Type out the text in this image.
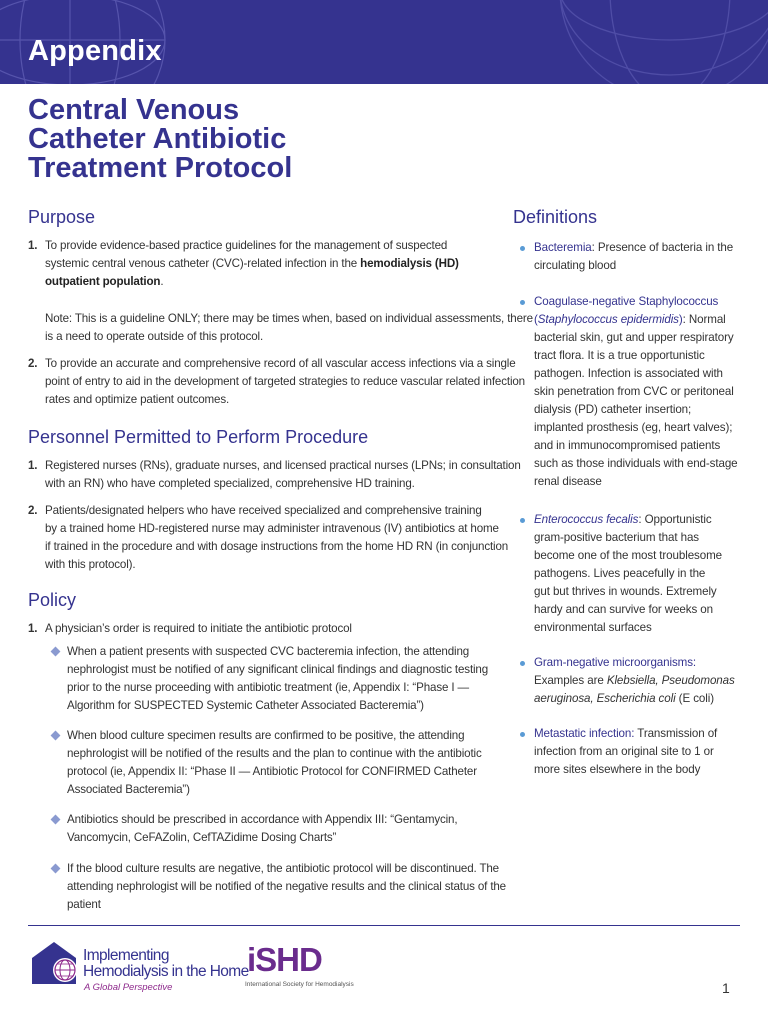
Appendix
Central Venous
Catheter Antibiotic
Treatment Protocol
Purpose
1. To provide evidence-based practice guidelines for the management of suspected
systemic central venous catheter (CVC)-related infection in the hemodialysis (HD)
outpatient population.
Note: This is a guideline ONLY; there may be times when, based on individual assessments, there
is a need to operate outside of this protocol.
2. To provide an accurate and comprehensive record of all vascular access infections via a single
point of entry to aid in the development of targeted strategies to reduce vascular related infection
rates and optimize patient outcomes.
Personnel Permitted to Perform Procedure
1. Registered nurses (RNs), graduate nurses, and licensed practical nurses (LPNs; in consultation
with an RN) who have completed specialized, comprehensive HD training.
2. Patients/designated helpers who have received specialized and comprehensive training
by a trained home HD-registered nurse may administer intravenous (IV) antibiotics at home
if trained in the procedure and with dosage instructions from the home HD RN (in conjunction
with this protocol).
Policy
1. A physician’s order is required to initiate the antibiotic protocol
When a patient presents with suspected CVC bacteremia infection, the attending
nephrologist must be notified of any significant clinical findings and diagnostic testing
prior to the nurse proceeding with antibiotic treatment (ie, Appendix I: “Phase I —
Algorithm for SUSPECTED Systemic Catheter Associated Bacteremia”)
When blood culture specimen results are confirmed to be positive, the attending
nephrologist will be notified of the results and the plan to continue with the antibiotic
protocol (ie, Appendix II: “Phase II — Antibiotic Protocol for CONFIRMED Catheter
Associated Bacteremia”)
Antibiotics should be prescribed in accordance with Appendix III: “Gentamycin,
Vancomycin, CeFAZolin, CefTAZidime Dosing Charts”
If the blood culture results are negative, the antibiotic protocol will be discontinued. The
attending nephrologist will be notified of the negative results and the clinical status of the
patient
Definitions
Bacteremia: Presence of bacteria in the
circulating blood
Coagulase-negative Staphylococcus
(Staphylococcus epidermidis): Normal
bacterial skin, gut and upper respiratory
tract flora. It is a true opportunistic
pathogen. Infection is associated with
skin penetration from CVC or peritoneal
dialysis (PD) catheter insertion;
implanted prosthesis (eg, heart valves);
and in immunocompromised patients
such as those individuals with end-stage
renal disease
Enterococcus fecalis: Opportunistic
gram-positive bacterium that has
become one of the most troublesome
pathogens. Lives peacefully in the
gut but thrives in wounds. Extremely
hardy and can survive for weeks on
environmental surfaces
Gram-negative microorganisms:
Examples are Klebsiella, Pseudomonas
aeruginosa, Escherichia coli (E coli)
Metastatic infection: Transmission of
infection from an original site to 1 or
more sites elsewhere in the body
Implementing
Hemodialysis in the Home
A Global Perspective
iSHD
International Society for Hemodialysis	1
